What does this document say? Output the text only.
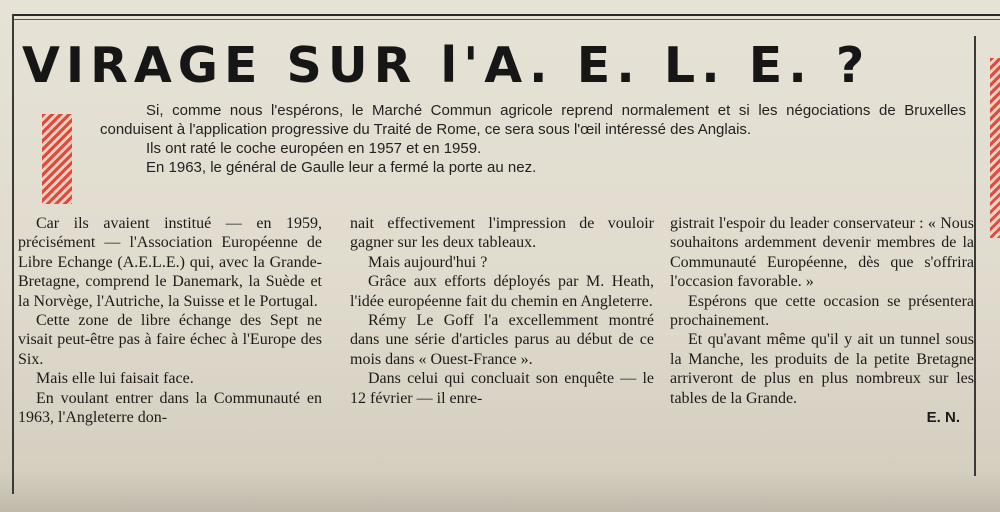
VIRAGE SUR l'A. E. L. E. ?

Si, comme nous l'espérons, le Marché Commun agricole reprend normalement et si les négociations de Bruxelles conduisent à l'application progressive du Traité de Rome, ce sera sous l'œil intéressé des Anglais.

Ils ont raté le coche européen en 1957 et en 1959.

En 1963, le général de Gaulle leur a fermé la porte au nez.

Car ils avaient institué — en 1959, précisément — l'Association Européenne de Libre Echange (A.E.L.E.) qui, avec la Grande-Bretagne, comprend le Danemark, la Suède et la Norvège, l'Autriche, la Suisse et le Portugal.

Cette zone de libre échange des Sept ne visait peut-être pas à faire échec à l'Europe des Six.

Mais elle lui faisait face.

En voulant entrer dans la Communauté en 1963, l'Angleterre don-

nait effectivement l'impression de vouloir gagner sur les deux tableaux.

Mais aujourd'hui ?

Grâce aux efforts déployés par M. Heath, l'idée européenne fait du chemin en Angleterre.

Rémy Le Goff l'a excellemment montré dans une série d'articles parus au début de ce mois dans « Ouest-France ».

Dans celui qui concluait son enquête — le 12 février — il enre-

gistrait l'espoir du leader conservateur : « Nous souhaitons ardemment devenir membres de la Communauté Européenne, dès que s'offrira l'occasion favorable. »

Espérons que cette occasion se présentera prochainement.

Et qu'avant même qu'il y ait un tunnel sous la Manche, les produits de la petite Bretagne arriveront de plus en plus nombreux sur les tables de la Grande.

E. N.
